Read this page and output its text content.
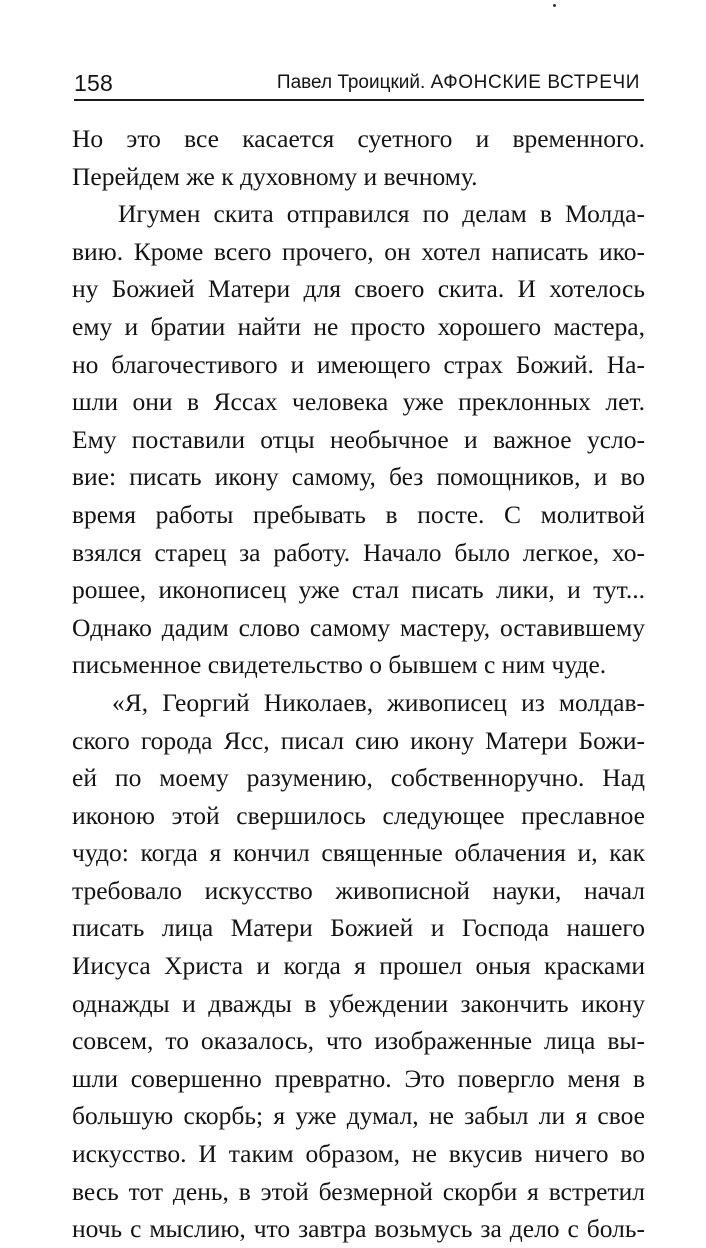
158	Павел Троицкий. АФОНСКИЕ ВСТРЕЧИ
Но это все касается суетного и временного.
Перейдем же к духовному и вечному.
Игумен скита отправился по делам в Молда-
вию. Кроме всего прочего, он хотел написать ико-
ну Божией Матери для своего скита. И хотелось
ему и братии найти не просто хорошего мастера,
но благочестивого и имеющего страх Божий. На-
шли они в Яссах человека уже преклонных лет.
Ему поставили отцы необычное и важное усло-
вие: писать икону самому, без помощников, и во
время работы пребывать в посте. С молитвой
взялся старец за работу. Начало было легкое, хо-
рошее, иконописец уже стал писать лики, и тут...
Однако дадим слово самому мастеру, оставившему
письменное свидетельство о бывшем с ним чуде.
«Я, Георгий Николаев, живописец из молдав-
ского города Ясс, писал сию икону Матери Божи-
ей по моему разумению, собственноручно. Над
иконою этой свершилось следующее преславное
чудо: когда я кончил священные облачения и, как
требовало искусство живописной науки, начал
писать лица Матери Божией и Господа нашего
Иисуса Христа и когда я прошел оныя красками
однажды и дважды в убеждении закончить икону
совсем, то оказалось, что изображенные лица вы-
шли совершенно превратно. Это повергло меня в
большую скорбь; я уже думал, не забыл ли я свое
искусство. И таким образом, не вкусив ничего во
весь тот день, в этой безмерной скорби я встретил
ночь с мыслию, что завтра возьмусь за дело с боль-
